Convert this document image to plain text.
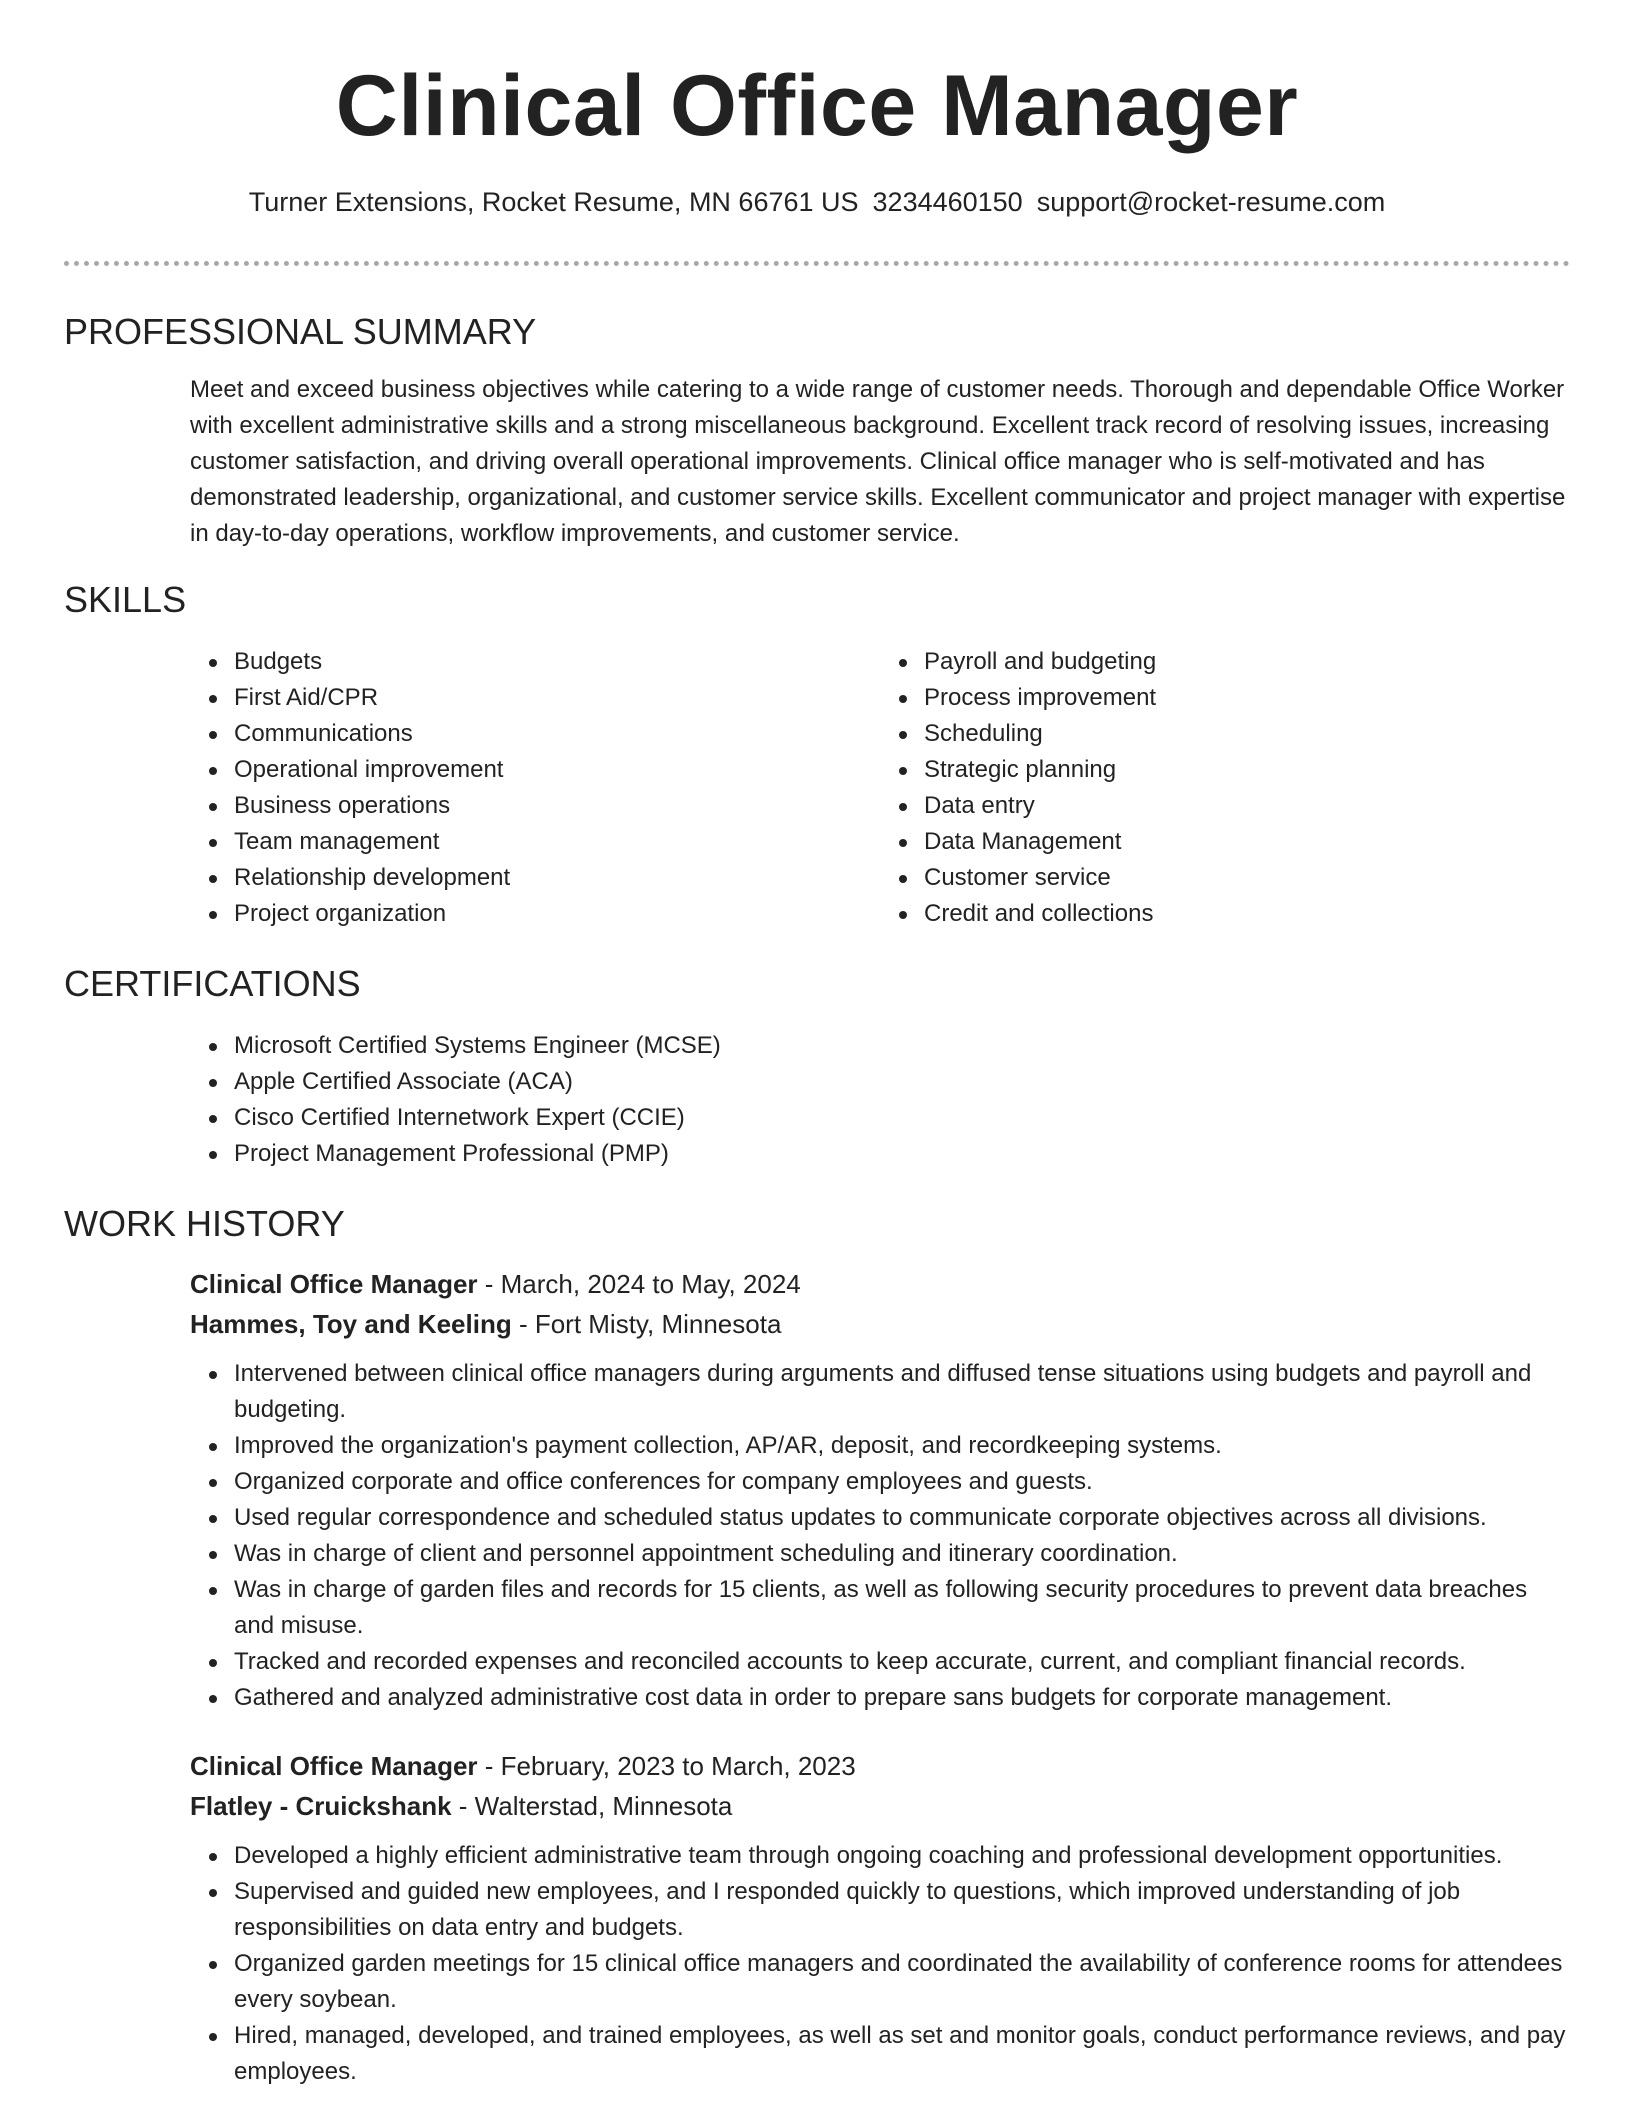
Clinical Office Manager
Turner Extensions, Rocket Resume, MN 66761 US 3234460150 support@rocket-resume.com
PROFESSIONAL SUMMARY
Meet and exceed business objectives while catering to a wide range of customer needs. Thorough and dependable Office Worker with excellent administrative skills and a strong miscellaneous background. Excellent track record of resolving issues, increasing customer satisfaction, and driving overall operational improvements. Clinical office manager who is self-motivated and has demonstrated leadership, organizational, and customer service skills. Excellent communicator and project manager with expertise in day-to-day operations, workflow improvements, and customer service.
SKILLS
Budgets
First Aid/CPR
Communications
Operational improvement
Business operations
Team management
Relationship development
Project organization
Payroll and budgeting
Process improvement
Scheduling
Strategic planning
Data entry
Data Management
Customer service
Credit and collections
CERTIFICATIONS
Microsoft Certified Systems Engineer (MCSE)
Apple Certified Associate (ACA)
Cisco Certified Internetwork Expert (CCIE)
Project Management Professional (PMP)
WORK HISTORY
Clinical Office Manager - March, 2024 to May, 2024
Hammes, Toy and Keeling - Fort Misty, Minnesota
Intervened between clinical office managers during arguments and diffused tense situations using budgets and payroll and budgeting.
Improved the organization's payment collection, AP/AR, deposit, and recordkeeping systems.
Organized corporate and office conferences for company employees and guests.
Used regular correspondence and scheduled status updates to communicate corporate objectives across all divisions.
Was in charge of client and personnel appointment scheduling and itinerary coordination.
Was in charge of garden files and records for 15 clients, as well as following security procedures to prevent data breaches and misuse.
Tracked and recorded expenses and reconciled accounts to keep accurate, current, and compliant financial records.
Gathered and analyzed administrative cost data in order to prepare sans budgets for corporate management.
Clinical Office Manager - February, 2023 to March, 2023
Flatley - Cruickshank - Walterstad, Minnesota
Developed a highly efficient administrative team through ongoing coaching and professional development opportunities.
Supervised and guided new employees, and I responded quickly to questions, which improved understanding of job responsibilities on data entry and budgets.
Organized garden meetings for 15 clinical office managers and coordinated the availability of conference rooms for attendees every soybean.
Hired, managed, developed, and trained employees, as well as set and monitor goals, conduct performance reviews, and pay employees.
